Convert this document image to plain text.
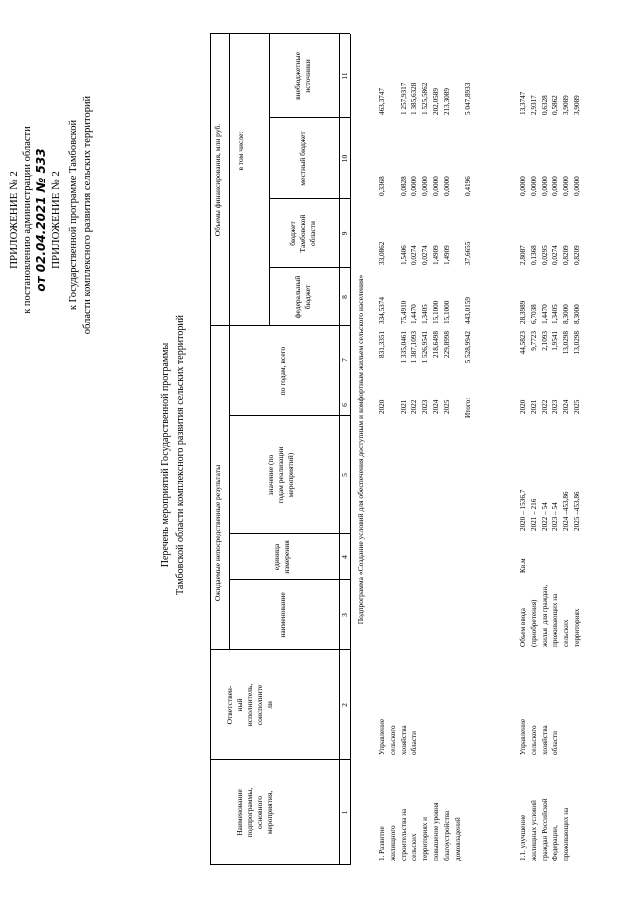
ПРИЛОЖЕНИЕ № 2 к постановлению администрации области от 02.04.2021 № 533 ПРИЛОЖЕНИЕ № 2 к Государственной программе Тамбовской области комплексного развития сельских территорий
Перечень мероприятий Государственной программы Тамбовской области комплексного развития сельских территорий
Наименование
подпрограммы,
основного
мероприятия,
Ответствен-
ный
исполнитель,
соисполните
ли
Ожидаемые непосредственные результаты
наименование
единица
измерения
значение (по
годам реализации
мероприятий)
Объемы финансирования, млн руб.
по годам, всего
в том числе:
федеральный
бюджет
бюджет
Тамбовской
области
местный бюджет
внебюджетные
источники
1
2
3
4
5
6
7
8
9
10
11
Подпрограмма «Создание условий для обеспечения доступным и комфортным жильем сельского населения»
1. Развитие
жилищного
строительства на
сельских
территориях и
повышение уровня
благоустройства
домовладений
Управление
сельского
хозяйства
области
2020

2021
2022
2023
2024
2025
831,3351

1 335,0461
1 387,1093
1 526,9541
218,6498
229,8998
334,5374

75,4910
1,4470
1,3405
15,1000
15,1000
33,0862

1,5406
0,0274
0,0274
1,4909
1,4909
0,3368

0,0828
0,0000
0,0000
0,0000
0,0000
463,3747

1 257,9317
1 385,6328
1 525,5862
202,0589
213,3089
Итого:
5 528,9942
443,0159
37,6655
0,4196
5 047,8933
1.1. улучшение
жилищных условий
граждан Российской
Федерации,
проживающих на
Управление
сельского
хозяйства
области
Объем ввода
(приобретения)
жилья  для граждан,
проживающих на
сельских
территориях
Кв.м
2020 – 1536,7
2021 – 216
2022 – 54
2023 – 54
2024 –453,86
2025 –453,86
2020
2021
2022
2023
2024
2025
44,5823
9,7723
2,1093
1,9541
13,0298
13,0298
28,3989
6,7038
1,4470
1,3405
8,3000
8,3000
2,8087
0,1368
0,0295
0,0274
0,8209
0,8209
0,0000
0,0000
0,0000
0,0000
0,0000
0,0000
13,3747
2,9317
0,6328
0,5862
3,9089
3,9089
